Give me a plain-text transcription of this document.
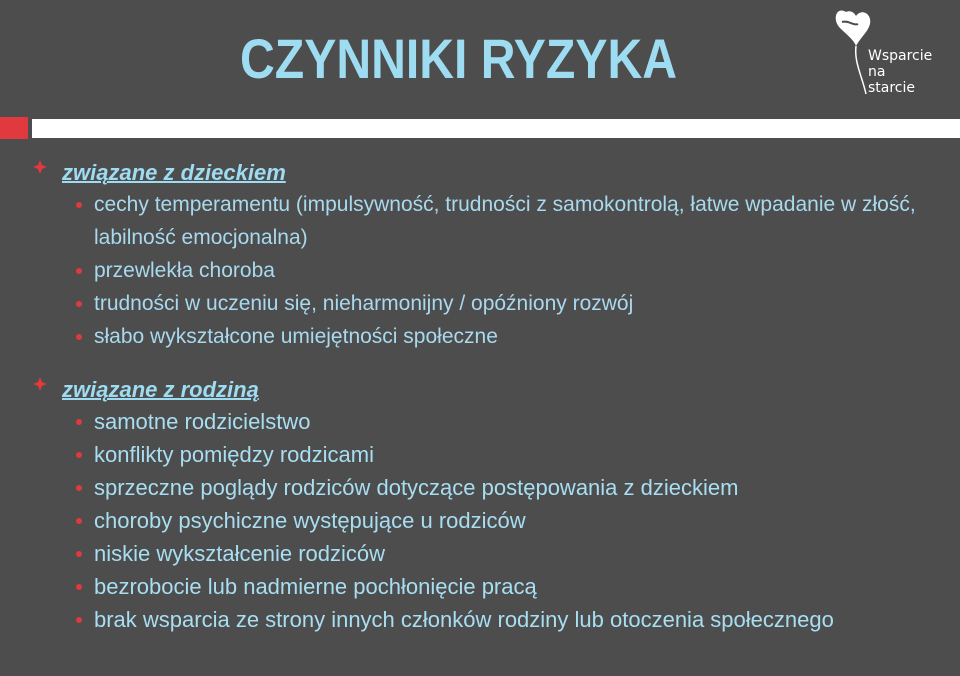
CZYNNIKI RYZYKA	Wsparcie
na
starcie
związane z dzieckiem
cechy temperamentu (impulsywność, trudności z samokontrolą, łatwe wpadanie w złość, labilność emocjonalna)
przewlekła choroba
trudności w uczeniu się, nieharmonijny / opóźniony rozwój
słabo wykształcone umiejętności społeczne
związane z rodziną
samotne rodzicielstwo
konflikty pomiędzy rodzicami
sprzeczne poglądy rodziców dotyczące postępowania z dzieckiem
choroby psychiczne występujące u rodziców
niskie wykształcenie rodziców
bezrobocie lub nadmierne pochłonięcie pracą
brak wsparcia ze strony innych członków rodziny lub otoczenia społecznego
